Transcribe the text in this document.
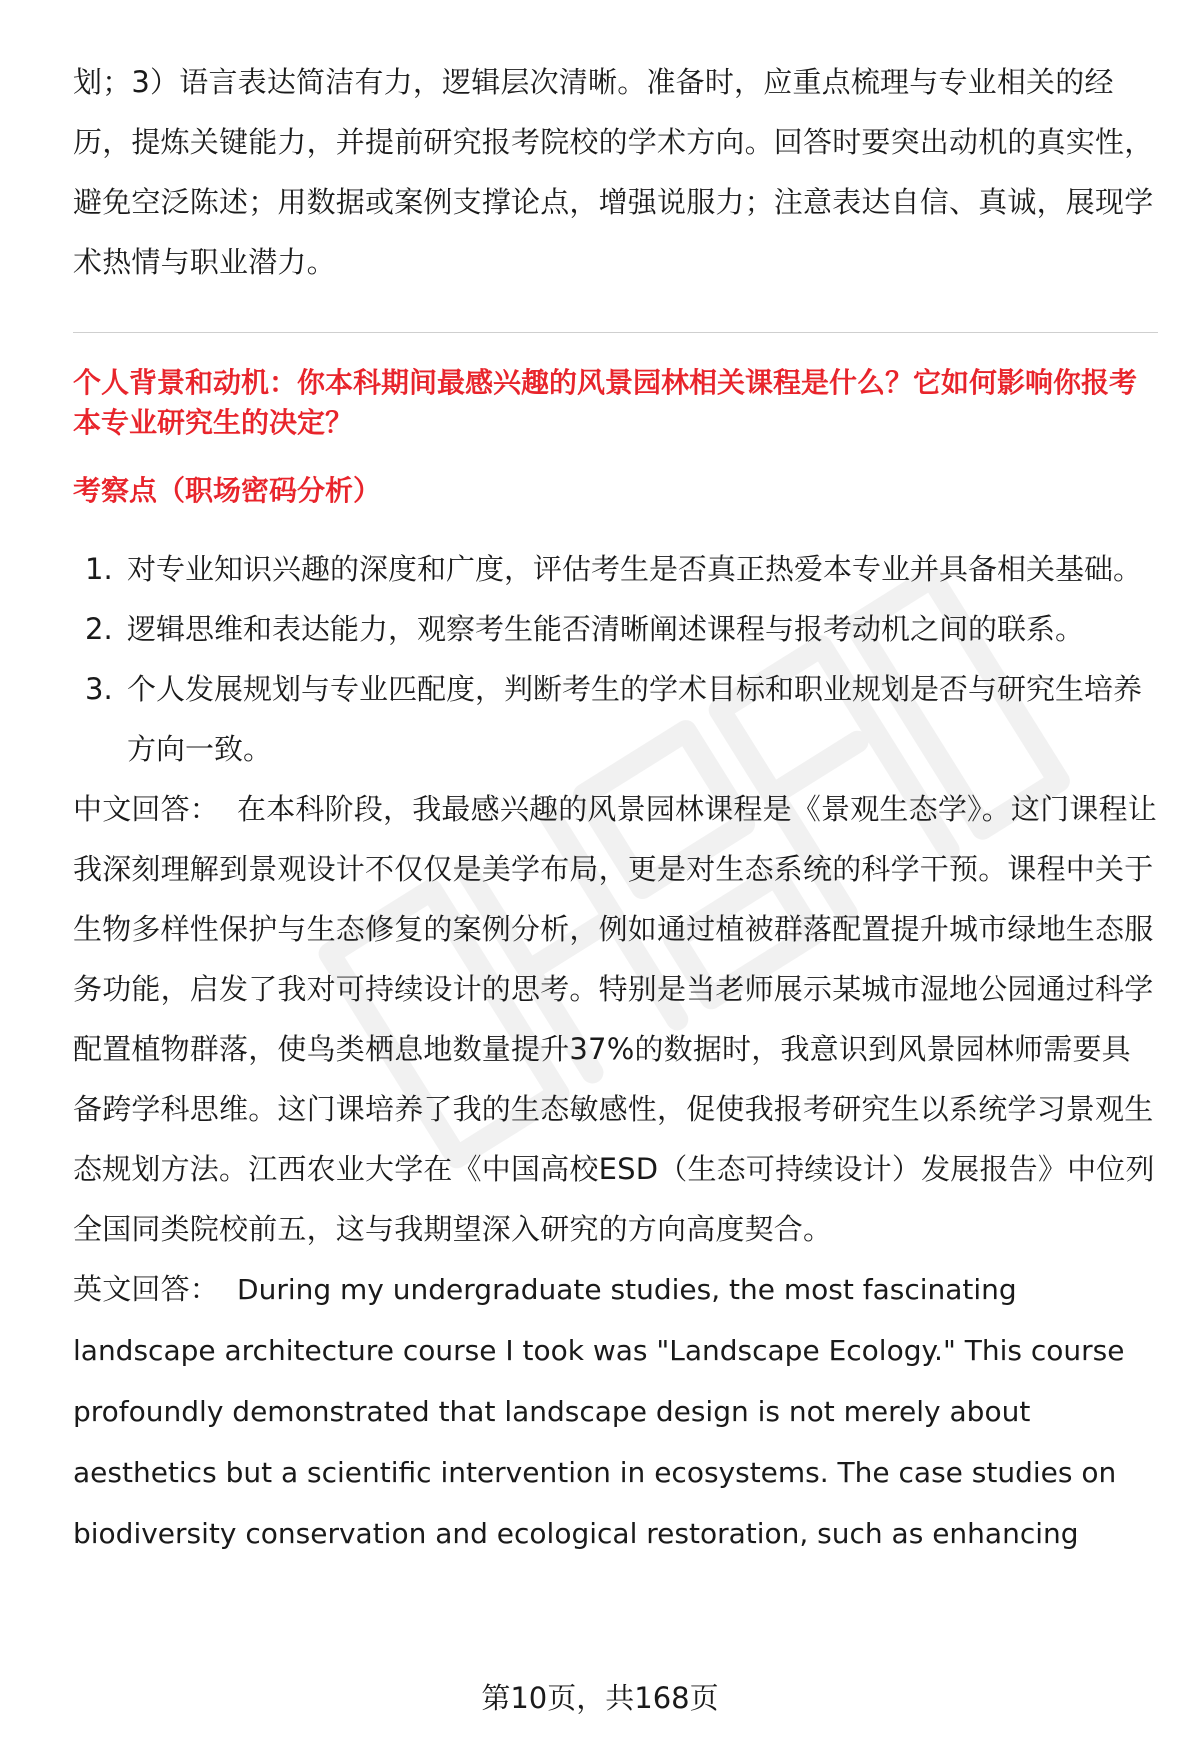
划；3）语言表达简洁有力，逻辑层次清晰。准备时，应重点梳理与专业相关的经历，提炼关键能力，并提前研究报考院校的学术方向。回答时要突出动机的真实性，避免空泛陈述；用数据或案例支撑论点，增强说服力；注意表达自信、真诚，展现学术热情与职业潜力。

个人背景和动机：你本科期间最感兴趣的风景园林相关课程是什么？它如何影响你报考本专业研究生的决定？
考察点（职场密码分析）
1. 对专业知识兴趣的深度和广度，评估考生是否真正热爱本专业并具备相关基础。
2. 逻辑思维和表达能力，观察考生能否清晰阐述课程与报考动机之间的联系。
3. 个人发展规划与专业匹配度，判断考生的学术目标和职业规划是否与研究生培养方向一致。

中文回答： 在本科阶段，我最感兴趣的风景园林课程是《景观生态学》。这门课程让我深刻理解到景观设计不仅仅是美学布局，更是对生态系统的科学干预。课程中关于生物多样性保护与生态修复的案例分析，例如通过植被群落配置提升城市绿地生态服务功能，启发了我对可持续设计的思考。特别是当老师展示某城市湿地公园通过科学配置植物群落，使鸟类栖息地数量提升37%的数据时，我意识到风景园林师需要具备跨学科思维。这门课培养了我的生态敏感性，促使我报考研究生以系统学习景观生态规划方法。江西农业大学在《中国高校ESD（生态可持续设计）发展报告》中位列全国同类院校前五，这与我期望深入研究的方向高度契合。

英文回答： During my undergraduate studies, the most fascinating landscape architecture course I took was "Landscape Ecology." This course profoundly demonstrated that landscape design is not merely about aesthetics but a scientific intervention in ecosystems. The case studies on biodiversity conservation and ecological restoration, such as enhancing

第10页，共168页
